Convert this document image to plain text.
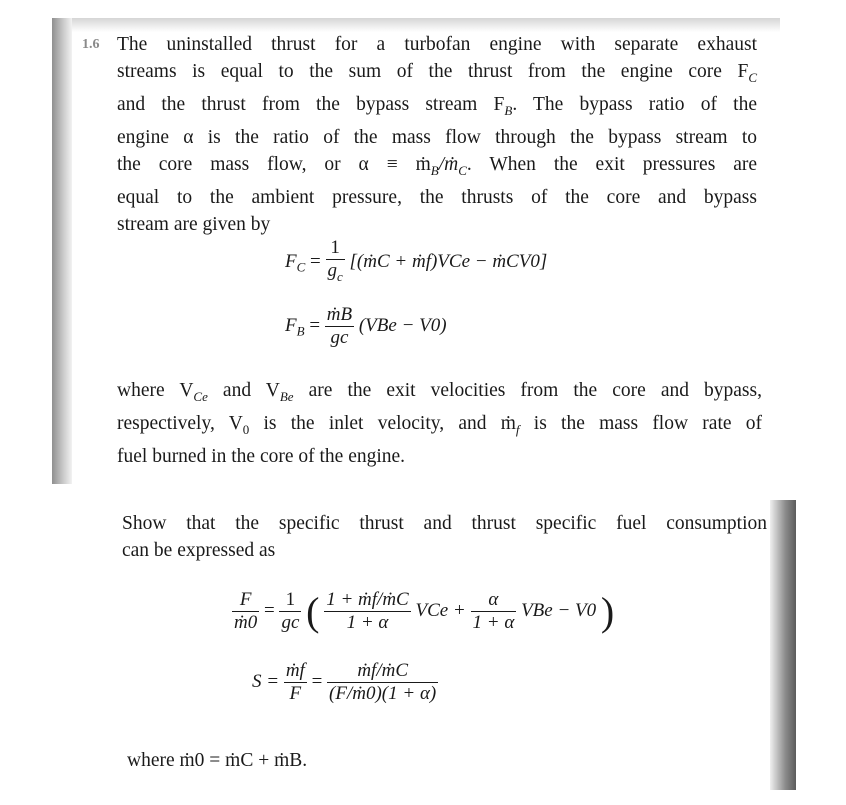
1.6 The uninstalled thrust for a turbofan engine with separate exhaust
streams is equal to the sum of the thrust from the engine core $F_C$
and the thrust from the bypass stream $F_B$. The bypass ratio of the
engine α is the ratio of the mass flow through the bypass stream to
the core mass flow, or α ≡ ṁ$_B$/ṁ$_C$. When the exit pressures are
equal to the ambient pressure, the thrusts of the core and bypass
stream are given by
$F_C = \frac{1}{g_c}$ [(ṁC + ṁf)VCe − ṁCV0]
$F_B = \frac{\text{ṁB}}{gc} (VBe - V0)$
where $V_{Ce}$ and $V_{Be}$ are the exit velocities from the core and bypass,
respectively, $V_0$ is the inlet velocity, and ṁ$_f$ is the mass flow rate of
fuel burned in the core of the engine.
Show that the specific thrust and thrust specific fuel consumption
can be expressed as
$\frac{F}{\text{ṁ0}} = \frac{1}{gc}$ ( $\frac{\text{1 + ṁf/ṁC}}{1 + \alpha}$ VCe + $\frac{\alpha}{1 + \alpha}$ VBe − V0 )
$S = \frac{\text{ṁf}}{F} = \frac{\text{ṁf/ṁC}}{\text{(F/ṁ0)(1 + α)}}$
where ṁ0 = ṁC + ṁB.
